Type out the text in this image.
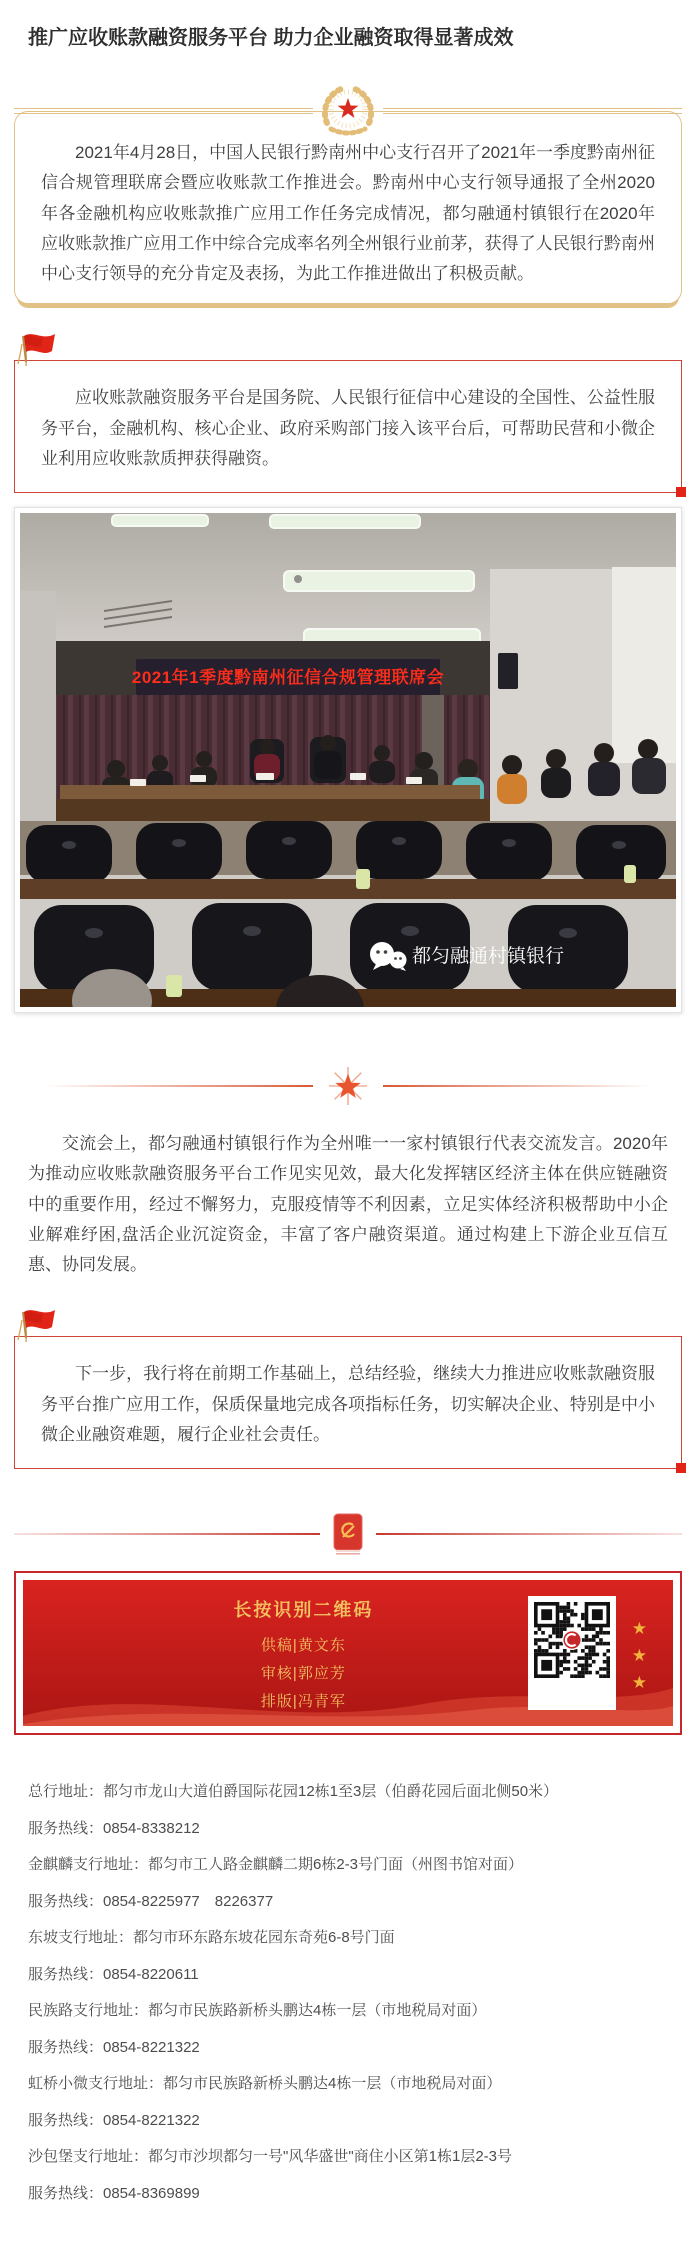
推广应收账款融资服务平台 助力企业融资取得显著成效

2021年4月28日，中国人民银行黔南州中心支行召开了2021年一季度黔南州征信合规管理联席会暨应收账款工作推进会。黔南州中心支行领导通报了全州2020年各金融机构应收账款推广应用工作任务完成情况，都匀融通村镇银行在2020年应收账款推广应用工作中综合完成率名列全州银行业前茅，获得了人民银行黔南州中心支行领导的充分肯定及表扬，为此工作推进做出了积极贡献。

应收账款融资服务平台是国务院、人民银行征信中心建设的全国性、公益性服务平台，金融机构、核心企业、政府采购部门接入该平台后，可帮助民营和小微企业利用应收账款质押获得融资。

2021年1季度黔南州征信合规管理联席会
都匀融通村镇银行

交流会上，都匀融通村镇银行作为全州唯一一家村镇银行代表交流发言。2020年为推动应收账款融资服务平台工作见实见效，最大化发挥辖区经济主体在供应链融资中的重要作用，经过不懈努力，克服疫情等不利因素，立足实体经济积极帮助中小企业解难纾困,盘活企业沉淀资金，丰富了客户融资渠道。通过构建上下游企业互信互惠、协同发展。

下一步，我行将在前期工作基础上，总结经验，继续大力推进应收账款融资服务平台推广应用工作，保质保量地完成各项指标任务，切实解决企业、特别是中小微企业融资难题，履行企业社会责任。

长按识别二维码
供稿|黄文东
审核|郭应芳
排版|冯青军
★
★
★
总行地址：都匀市龙山大道伯爵国际花园12栋1至3层（伯爵花园后面北侧50米）
服务热线：0854-8338212
金麒麟支行地址：都匀市工人路金麒麟二期6栋2-3号门面（州图书馆对面）
服务热线：0854-8225977　8226377
东坡支行地址：都匀市环东路东坡花园东奇苑6-8号门面
服务热线：0854-8220611
民族路支行地址：都匀市民族路新桥头鹏达4栋一层（市地税局对面）
服务热线：0854-8221322
虹桥小微支行地址：都匀市民族路新桥头鹏达4栋一层（市地税局对面）
服务热线：0854-8221322
沙包堡支行地址：都匀市沙坝都匀一号"风华盛世"商住小区第1栋1层2-3号
服务热线：0854-8369899
